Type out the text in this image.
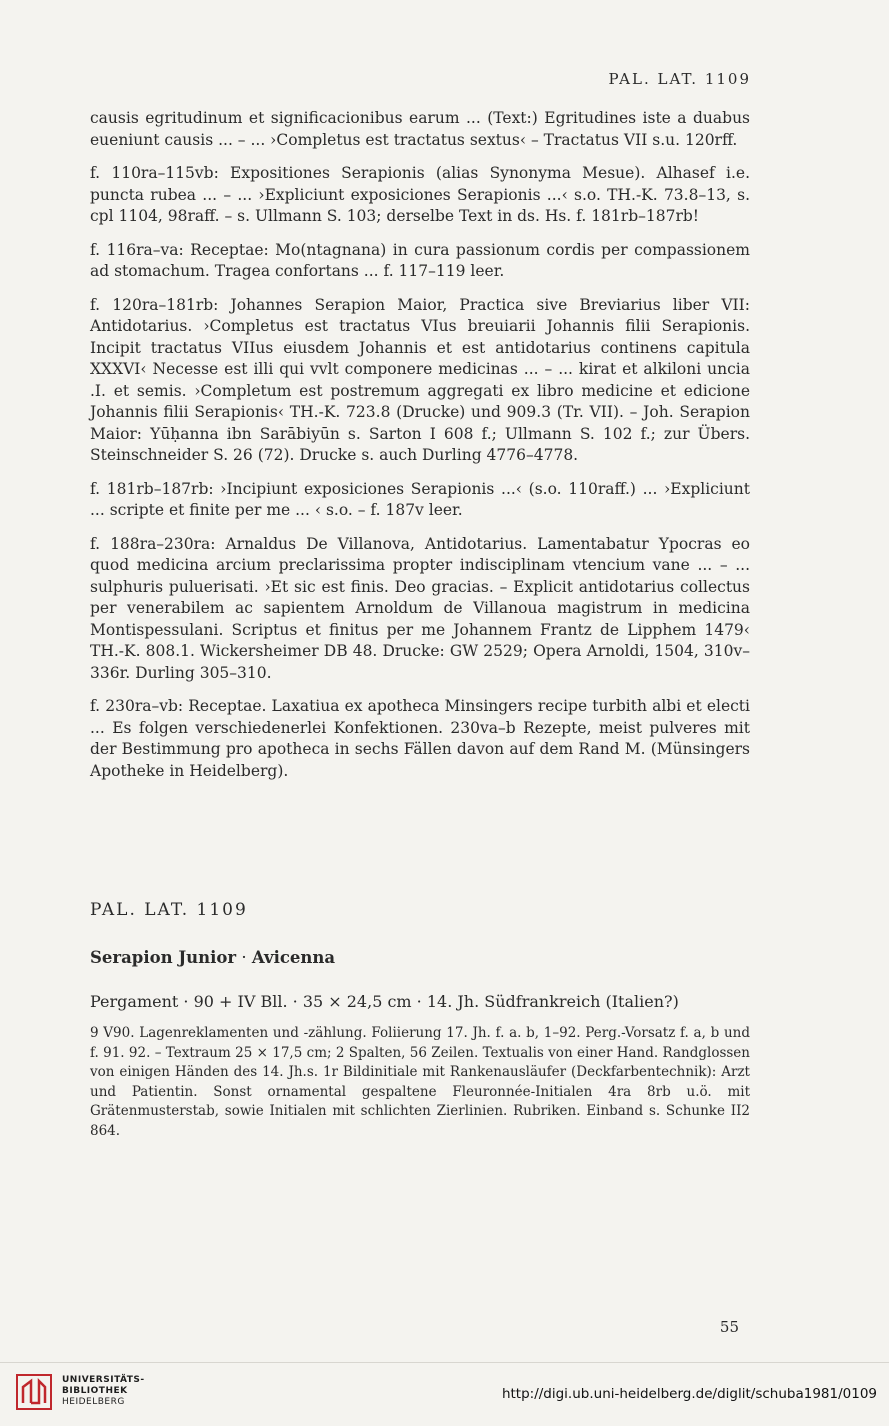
PAL. LAT. 1109

causis egritudinum et significacionibus earum ... (Text:) Egritudines iste a duabus eueniunt causis ... – ... ›Completus est tractatus sextus‹ – Tractatus VII s.u. 120rff.

f. 110ra–115vb: Expositiones Serapionis (alias Synonyma Mesue). Alhasef i.e. puncta rubea ... – ... ›Expliciunt exposiciones Serapionis ...‹ s.o. TH.-K. 73.8–13, s. cpl 1104, 98raff. – s. Ullmann S. 103; derselbe Text in ds. Hs. f. 181rb–187rb!

f. 116ra–va: Receptae: Mo(ntagnana) in cura passionum cordis per compassionem ad stomachum. Tragea confortans ... f. 117–119 leer.

f. 120ra–181rb: Johannes Serapion Maior, Practica sive Breviarius liber VII: Antidotarius. ›Completus est tractatus VIus breuiarii Johannis filii Serapionis. Incipit tractatus VIIus eiusdem Johannis et est antidotarius continens capitula XXXVI‹ Necesse est illi qui vvlt componere medicinas ... – ... kirat et alkiloni uncia .I. et semis. ›Completum est postremum aggregati ex libro medicine et edicione Johannis filii Serapionis‹ TH.-K. 723.8 (Drucke) und 909.3 (Tr. VII). – Joh. Serapion Maior: Yūḥanna ibn Sarābiyūn s. Sarton I 608 f.; Ullmann S. 102 f.; zur Übers. Steinschneider S. 26 (72). Drucke s. auch Durling 4776–4778.

f. 181rb–187rb: ›Incipiunt exposiciones Serapionis ...‹ (s.o. 110raff.) ... ›Expliciunt ... scripte et finite per me ... ‹ s.o. – f. 187v leer.

f. 188ra–230ra: Arnaldus De Villanova, Antidotarius. Lamentabatur Ypocras eo quod medicina arcium preclarissima propter indisciplinam vtencium vane ... – ... sulphuris puluerisati. ›Et sic est finis. Deo gracias. – Explicit antidotarius collectus per venerabilem ac sapientem Arnoldum de Villanoua magistrum in medicina Montispessulani. Scriptus et finitus per me Johannem Frantz de Lipphem 1479‹ TH.-K. 808.1. Wickersheimer DB 48. Drucke: GW 2529; Opera Arnoldi, 1504, 310v–336r. Durling 305–310.

f. 230ra–vb: Receptae. Laxatiua ex apotheca Minsingers recipe turbith albi et electi ... Es folgen verschiedenerlei Konfektionen. 230va–b Rezepte, meist pulveres mit der Bestimmung pro apotheca in sechs Fällen davon auf dem Rand M. (Münsingers Apotheke in Heidelberg).

PAL. LAT. 1109
Serapion Junior · Avicenna
Pergament · 90 + IV Bll. · 35 × 24,5 cm · 14. Jh. Südfrankreich (Italien?)
9 V90. Lagenreklamenten und -zählung. Foliierung 17. Jh. f. a. b, 1–92. Perg.-Vorsatz f. a, b und f. 91. 92. – Textraum 25 × 17,5 cm; 2 Spalten, 56 Zeilen. Textualis von einer Hand. Randglossen von einigen Händen des 14. Jh.s. 1r Bildinitiale mit Rankenausläufer (Deckfarbentechnik): Arzt und Patientin. Sonst ornamental gespaltene Fleuronnée-Initialen 4ra 8rb u.ö. mit Grätenmusterstab, sowie Initialen mit schlichten Zierlinien. Rubriken. Einband s. Schunke II2 864.
55
UNIVERSITÄTS-
BIBLIOTHEK
HEIDELBERG	http://digi.ub.uni-heidelberg.de/diglit/schuba1981/0109
